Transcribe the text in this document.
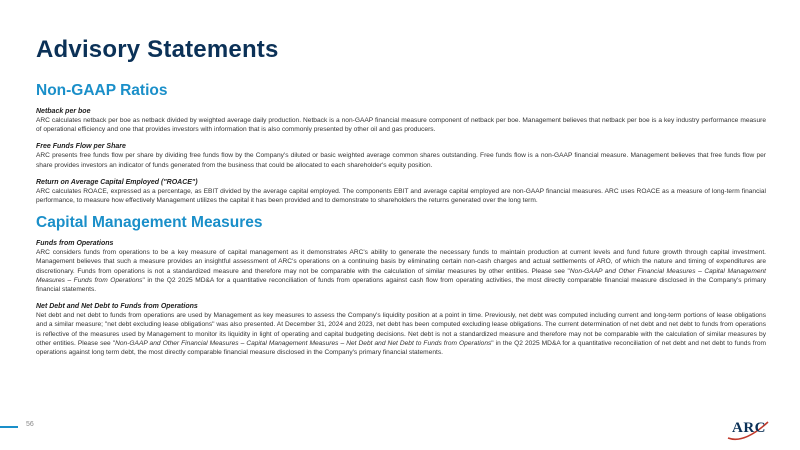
Advisory Statements
Non-GAAP Ratios
Netback per boe
ARC calculates netback per boe as netback divided by weighted average daily production. Netback is a non-GAAP financial measure component of netback per boe. Management believes that netback per boe is a key industry performance measure of operational efficiency and one that provides investors with information that is also commonly presented by other oil and gas producers.
Free Funds Flow per Share
ARC presents free funds flow per share by dividing free funds flow by the Company's diluted or basic weighted average common shares outstanding. Free funds flow is a non-GAAP financial measure. Management believes that free funds flow per share provides investors an indicator of funds generated from the business that could be allocated to each shareholder's equity position.
Return on Average Capital Employed ("ROACE")
ARC calculates ROACE, expressed as a percentage, as EBIT divided by the average capital employed. The components EBIT and average capital employed are non-GAAP financial measures. ARC uses ROACE as a measure of long-term financial performance, to measure how effectively Management utilizes the capital it has been provided and to demonstrate to shareholders the returns generated over the long term.
Capital Management Measures
Funds from Operations
ARC considers funds from operations to be a key measure of capital management as it demonstrates ARC's ability to generate the necessary funds to maintain production at current levels and fund future growth through capital investment. Management believes that such a measure provides an insightful assessment of ARC's operations on a continuing basis by eliminating certain non-cash charges and actual settlements of ARO, of which the nature and timing of expenditures are discretionary. Funds from operations is not a standardized measure and therefore may not be comparable with the calculation of similar measures by other entities. Please see "Non-GAAP and Other Financial Measures – Capital Management Measures – Funds from Operations" in the Q2 2025 MD&A for a quantitative reconciliation of funds from operations against cash flow from operating activities, the most directly comparable financial measure disclosed in the Company's primary financial statements.
Net Debt and Net Debt to Funds from Operations
Net debt and net debt to funds from operations are used by Management as key measures to assess the Company's liquidity position at a point in time. Previously, net debt was computed including current and long-term portions of lease obligations and a similar measure; "net debt excluding lease obligations" was also presented. At December 31, 2024 and 2023, net debt has been computed excluding lease obligations. The current determination of net debt and net debt to funds from operations is reflective of the measures used by Management to monitor its liquidity in light of operating and capital budgeting decisions. Net debt is not a standardized measure and therefore may not be comparable with the calculation of similar measures by other entities. Please see "Non-GAAP and Other Financial Measures – Capital Management Measures – Net Debt and Net Debt to Funds from Operations" in the Q2 2025 MD&A for a quantitative reconciliation of net debt and net debt to funds from operations against long term debt, the most directly comparable financial measure disclosed in the Company's primary financial statements.
56	ARC
